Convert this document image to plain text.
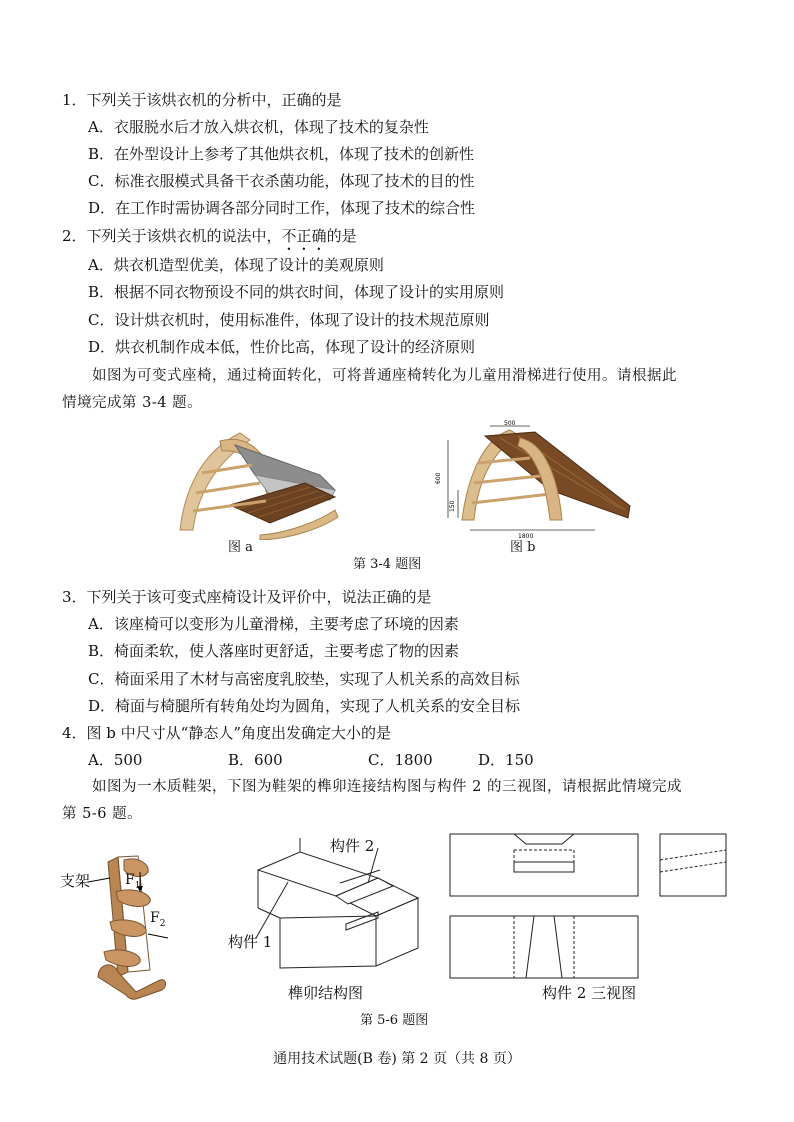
1．下列关于该烘衣机的分析中，正确的是
A．衣服脱水后才放入烘衣机，体现了技术的复杂性
B．在外型设计上参考了其他烘衣机，体现了技术的创新性
C．标准衣服模式具备干衣杀菌功能，体现了技术的目的性
D．在工作时需协调各部分同时工作，体现了技术的综合性
2．下列关于该烘衣机的说法中，不正确的是
A．烘衣机造型优美，体现了设计的美观原则
B．根据不同衣物预设不同的烘衣时间，体现了设计的实用原则
C．设计烘衣机时，使用标准件，体现了设计的技术规范原则
D．烘衣机制作成本低，性价比高，体现了设计的经济原则
如图为可变式座椅，通过椅面转化，可将普通座椅转化为儿童用滑梯进行使用。请根据此
情境完成第 3-4 题。
图 a
500
600
150
1800
图 b
第 3-4 题图
3．下列关于该可变式座椅设计及评价中，说法正确的是
A．该座椅可以变形为儿童滑梯，主要考虑了环境的因素
B．椅面柔软，使人落座时更舒适，主要考虑了物的因素
C．椅面采用了木材与高密度乳胶垫，实现了人机关系的高效目标
D．椅面与椅腿所有转角处均为圆角，实现了人机关系的安全目标
4．图 b 中尺寸从“静态人”角度出发确定大小的是
A．500	B．600	C．1800	D．150
如图为一木质鞋架，下图为鞋架的榫卯连接结构图与构件 2 的三视图，请根据此情境完成
第 5-6 题。
支架 $F_1$
$F_2$
构件 2
构件 1
榫卯结构图	构件 2 三视图
第 5-6 题图
通用技术试题(B 卷) 第 2 页（共 8 页）
